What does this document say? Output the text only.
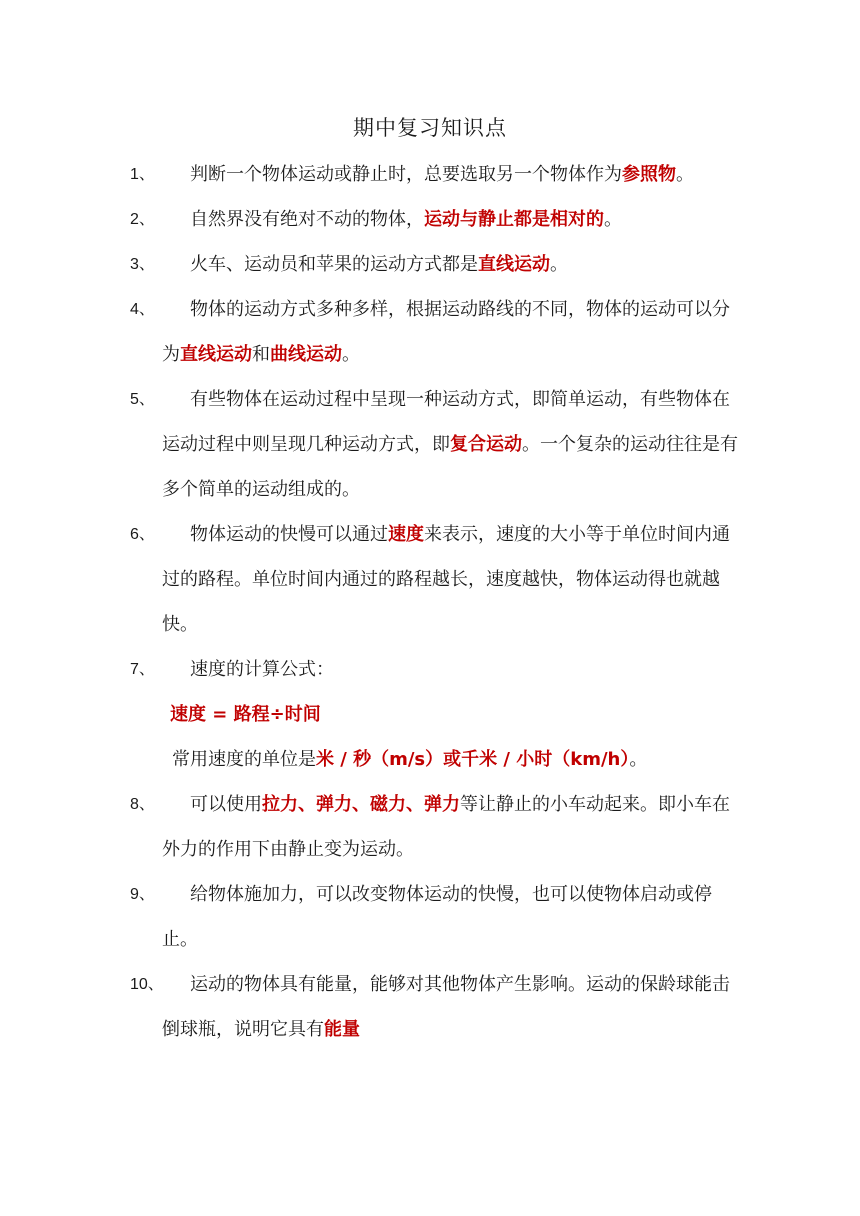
期中复习知识点
1、 判断一个物体运动或静止时，总要选取另一个物体作为参照物。
2、 自然界没有绝对不动的物体，运动与静止都是相对的。
3、 火车、运动员和苹果的运动方式都是直线运动。
4、 物体的运动方式多种多样，根据运动路线的不同，物体的运动可以分为直线运动和曲线运动。
5、 有些物体在运动过程中呈现一种运动方式，即简单运动，有些物体在运动过程中则呈现几种运动方式，即复合运动。一个复杂的运动往往是有多个简单的运动组成的。
6、 物体运动的快慢可以通过速度来表示，速度的大小等于单位时间内通过的路程。单位时间内通过的路程越长，速度越快，物体运动得也就越快。
7、 速度的计算公式：
速度 = 路程÷时间
常用速度的单位是米 / 秒（m/s）或千米 / 小时（km/h）。
8、 可以使用拉力、弹力、磁力、弹力等让静止的小车动起来。即小车在外力的作用下由静止变为运动。
9、 给物体施加力，可以改变物体运动的快慢，也可以使物体启动或停止。
10、 运动的物体具有能量，能够对其他物体产生影响。运动的保龄球能击倒球瓶，说明它具有能量
